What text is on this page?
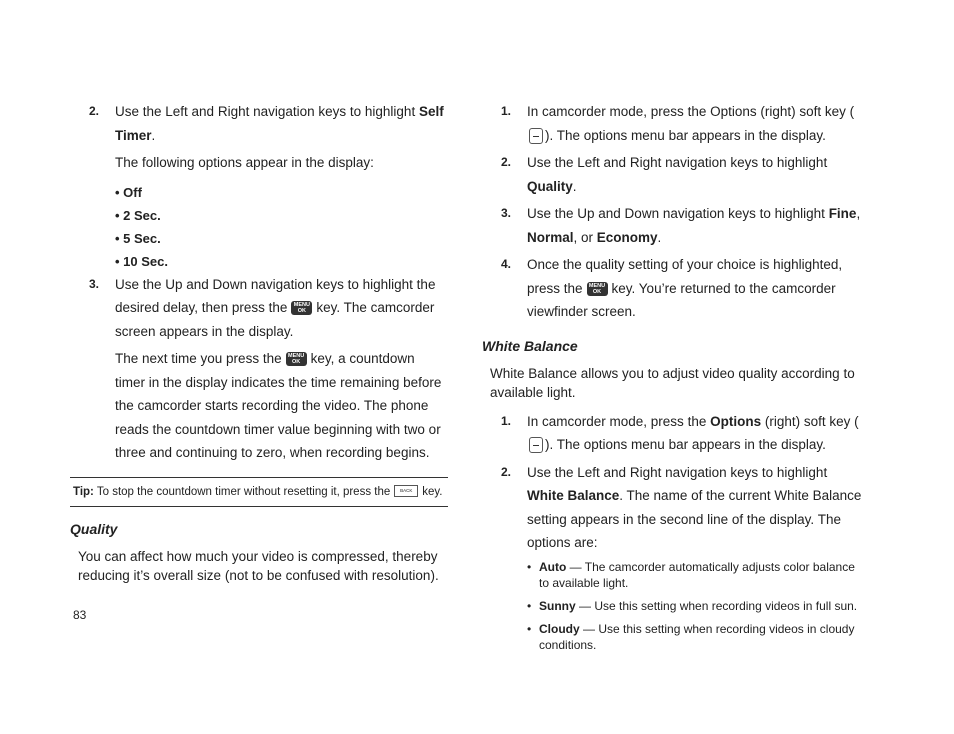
2.	Use the Left and Right navigation keys to highlight Self Timer.
The following options appear in the display:
• Off
• 2 Sec.
• 5 Sec.
• 10 Sec.
3.	Use the Up and Down navigation keys to highlight the desired delay, then press the MENU
OK key. The camcorder screen appears in the display.
The next time you press the MENU
OK key, a countdown timer in the display indicates the time remaining before the camcorder starts recording the video. The phone reads the countdown timer value beginning with two or three and continuing to zero, when recording begins.
Tip: To stop the countdown timer without resetting it, press the BACK key.
Quality
You can affect how much your video is compressed, thereby reducing it’s overall size (not to be confused with resolution).
1.	In camcorder mode, press the Options (right) soft key (). The options menu bar appears in the display.
2.	Use the Left and Right navigation keys to highlight Quality.
3.	Use the Up and Down navigation keys to highlight Fine, Normal, or Economy.
4.	Once the quality setting of your choice is highlighted, press the MENU
OK key. You’re returned to the camcorder viewfinder screen.
White Balance
White Balance allows you to adjust video quality according to available light.
1.	In camcorder mode, press the Options (right) soft key (). The options menu bar appears in the display.
2.	Use the Left and Right navigation keys to highlight White Balance. The name of the current White Balance setting appears in the second line of the display. The options are:
• Auto — The camcorder automatically adjusts color balance to available light.
• Sunny — Use this setting when recording videos in full sun.
• Cloudy — Use this setting when recording videos in cloudy conditions.
83
